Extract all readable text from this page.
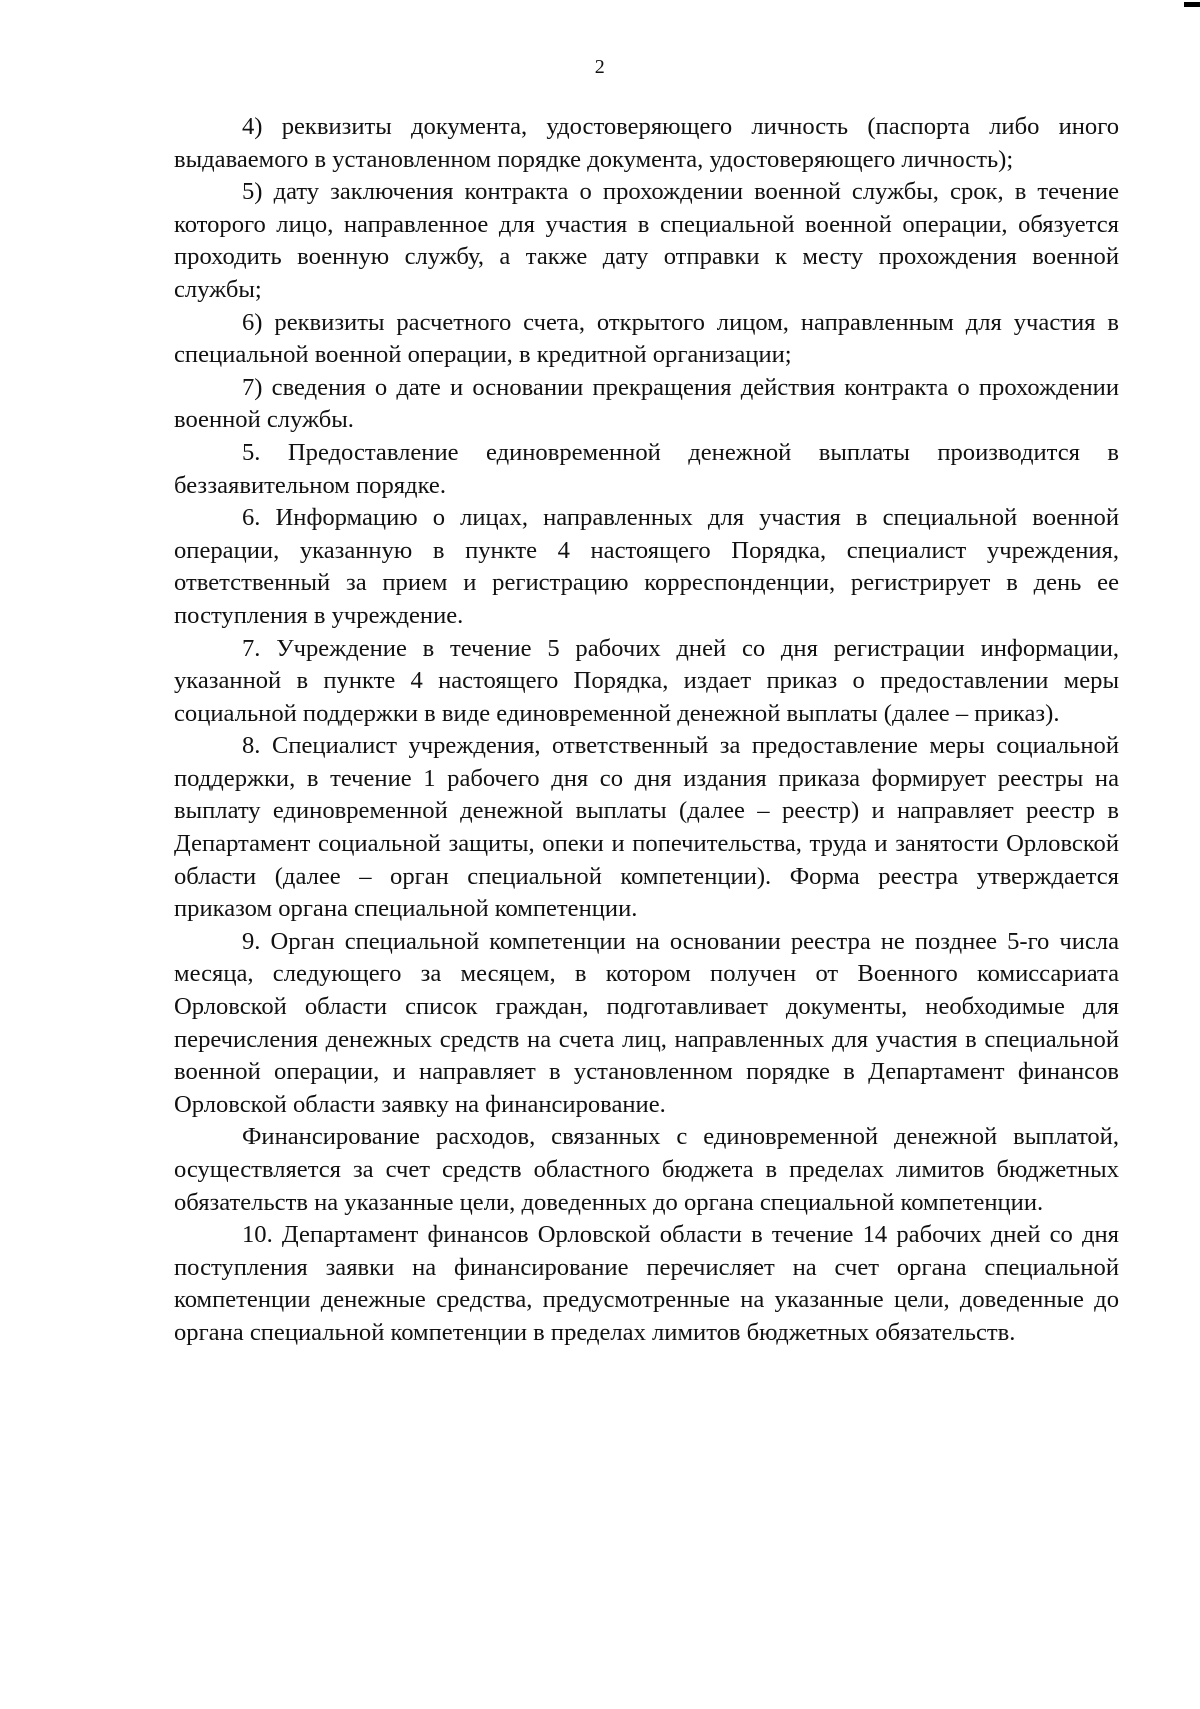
2

4) реквизиты документа, удостоверяющего личность (паспорта либо иного выдаваемого в установленном порядке документа, удостоверяющего личность);

5) дату заключения контракта о прохождении военной службы, срок, в течение которого лицо, направленное для участия в специальной военной операции, обязуется проходить военную службу, а также дату отправки к месту прохождения военной службы;

6) реквизиты расчетного счета, открытого лицом, направленным для участия в специальной военной операции, в кредитной организации;

7) сведения о дате и основании прекращения действия контракта о прохождении военной службы.

5. Предоставление единовременной денежной выплаты производится в беззаявительном порядке.

6. Информацию о лицах, направленных для участия в специальной военной операции, указанную в пункте 4 настоящего Порядка, специалист учреждения, ответственный за прием и регистрацию корреспонденции, регистрирует в день ее поступления в учреждение.

7. Учреждение в течение 5 рабочих дней со дня регистрации информации, указанной в пункте 4 настоящего Порядка, издает приказ о предоставлении меры социальной поддержки в виде единовременной денежной выплаты (далее – приказ).

8. Специалист учреждения, ответственный за предоставление меры социальной поддержки, в течение 1 рабочего дня со дня издания приказа формирует реестры на выплату единовременной денежной выплаты (далее – реестр) и направляет реестр в Департамент социальной защиты, опеки и попечительства, труда и занятости Орловской области (далее – орган специальной компетенции). Форма реестра утверждается приказом органа специальной компетенции.

9. Орган специальной компетенции на основании реестра не позднее 5-го числа месяца, следующего за месяцем, в котором получен от Военного комиссариата Орловской области список граждан, подготавливает документы, необходимые для перечисления денежных средств на счета лиц, направленных для участия в специальной военной операции, и направляет в установленном порядке в Департамент финансов Орловской области заявку на финансирование.

Финансирование расходов, связанных с единовременной денежной выплатой, осуществляется за счет средств областного бюджета в пределах лимитов бюджетных обязательств на указанные цели, доведенных до органа специальной компетенции.

10. Департамент финансов Орловской области в течение 14 рабочих дней со дня поступления заявки на финансирование перечисляет на счет органа специальной компетенции денежные средства, предусмотренные на указанные цели, доведенные до органа специальной компетенции в пределах лимитов бюджетных обязательств.
